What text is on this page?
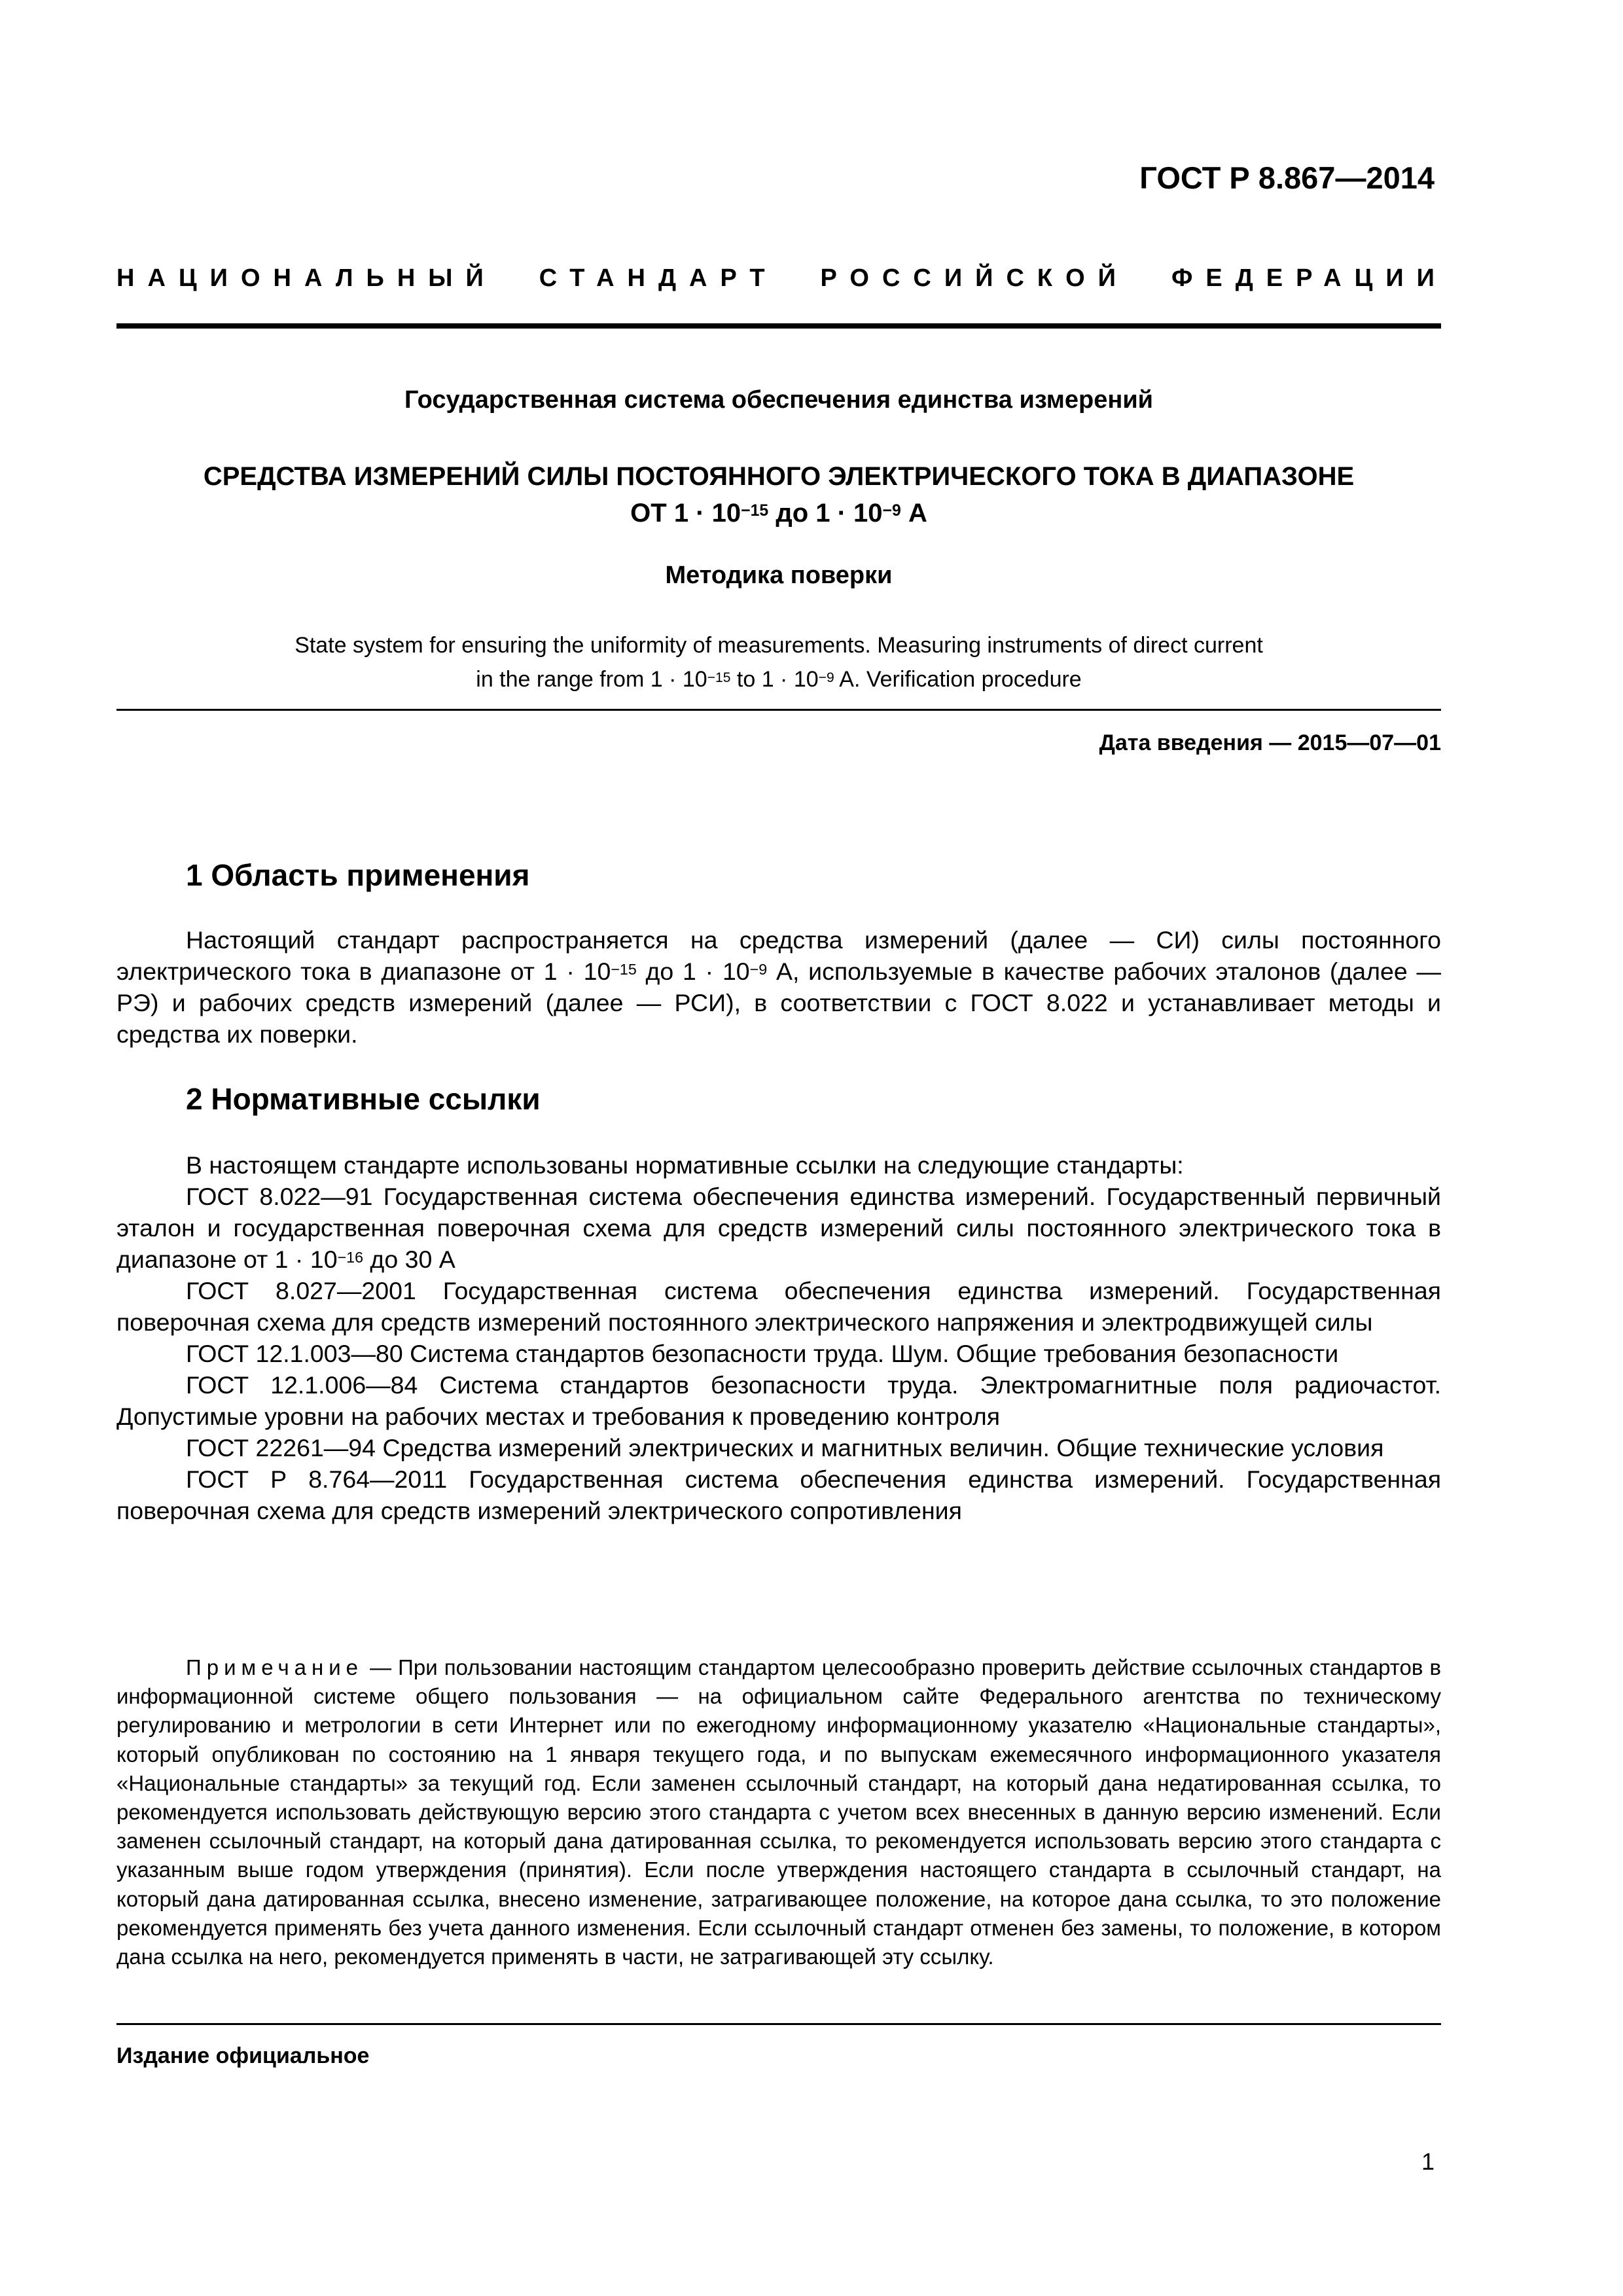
ГОСТ Р 8.867—2014
НАЦИОНАЛЬНЫЙ СТАНДАРТ РОССИЙСКОЙ ФЕДЕРАЦИИ
Государственная система обеспечения единства измерений
СРЕДСТВА ИЗМЕРЕНИЙ СИЛЫ ПОСТОЯННОГО ЭЛЕКТРИЧЕСКОГО ТОКА В ДИАПАЗОНЕ
ОТ $1 \cdot 10^{-15}$ до $1 \cdot 10^{-9}$ А
Методика поверки
State system for ensuring the uniformity of measurements. Measuring instruments of direct current
in the range from $1 \cdot 10^{-15}$ to $1 \cdot 10^{-9}$ A. Verification procedure
Дата введения — 2015—07—01
1 Область применения

Настоящий стандарт распространяется на средства измерений (далее — СИ) силы постоянного электрического тока в диапазоне от $1 \cdot 10^{-15}$ до $1 \cdot 10^{-9}$ А, используемые в качестве рабочих эталонов (далее — РЭ) и рабочих средств измерений (далее — РСИ), в соответствии с ГОСТ 8.022 и устанавливает методы и средства их поверки.

2 Нормативные ссылки

В настоящем стандарте использованы нормативные ссылки на следующие стандарты:

ГОСТ 8.022—91 Государственная система обеспечения единства измерений. Государственный первичный эталон и государственная поверочная схема для средств измерений силы постоянного электрического тока в диапазоне от $1 \cdot 10^{-16}$ до 30 А

ГОСТ 8.027—2001 Государственная система обеспечения единства измерений. Государственная поверочная схема для средств измерений постоянного электрического напряжения и электродвижущей силы

ГОСТ 12.1.003—80 Система стандартов безопасности труда. Шум. Общие требования безопасности

ГОСТ 12.1.006—84 Система стандартов безопасности труда. Электромагнитные поля радиочастот. Допустимые уровни на рабочих местах и требования к проведению контроля

ГОСТ 22261—94 Средства измерений электрических и магнитных величин. Общие технические условия

ГОСТ Р 8.764—2011 Государственная система обеспечения единства измерений. Государственная поверочная схема для средств измерений электрического сопротивления

Примечание — При пользовании настоящим стандартом целесообразно проверить действие ссылочных стандартов в информационной системе общего пользования — на официальном сайте Федерального агентства по техническому регулированию и метрологии в сети Интернет или по ежегодному информационному указателю «Национальные стандарты», который опубликован по состоянию на 1 января текущего года, и по выпускам ежемесячного информационного указателя «Национальные стандарты» за текущий год. Если заменен ссылочный стандарт, на который дана недатированная ссылка, то рекомендуется использовать действующую версию этого стандарта с учетом всех внесенных в данную версию изменений. Если заменен ссылочный стандарт, на который дана датированная ссылка, то рекомендуется использовать версию этого стандарта с указанным выше годом утверждения (принятия). Если после утверждения настоящего стандарта в ссылочный стандарт, на который дана датированная ссылка, внесено изменение, затрагивающее положение, на которое дана ссылка, то это положение рекомендуется применять без учета данного изменения. Если ссылочный стандарт отменен без замены, то положение, в котором дана ссылка на него, рекомендуется применять в части, не затрагивающей эту ссылку.

Издание официальное
1
